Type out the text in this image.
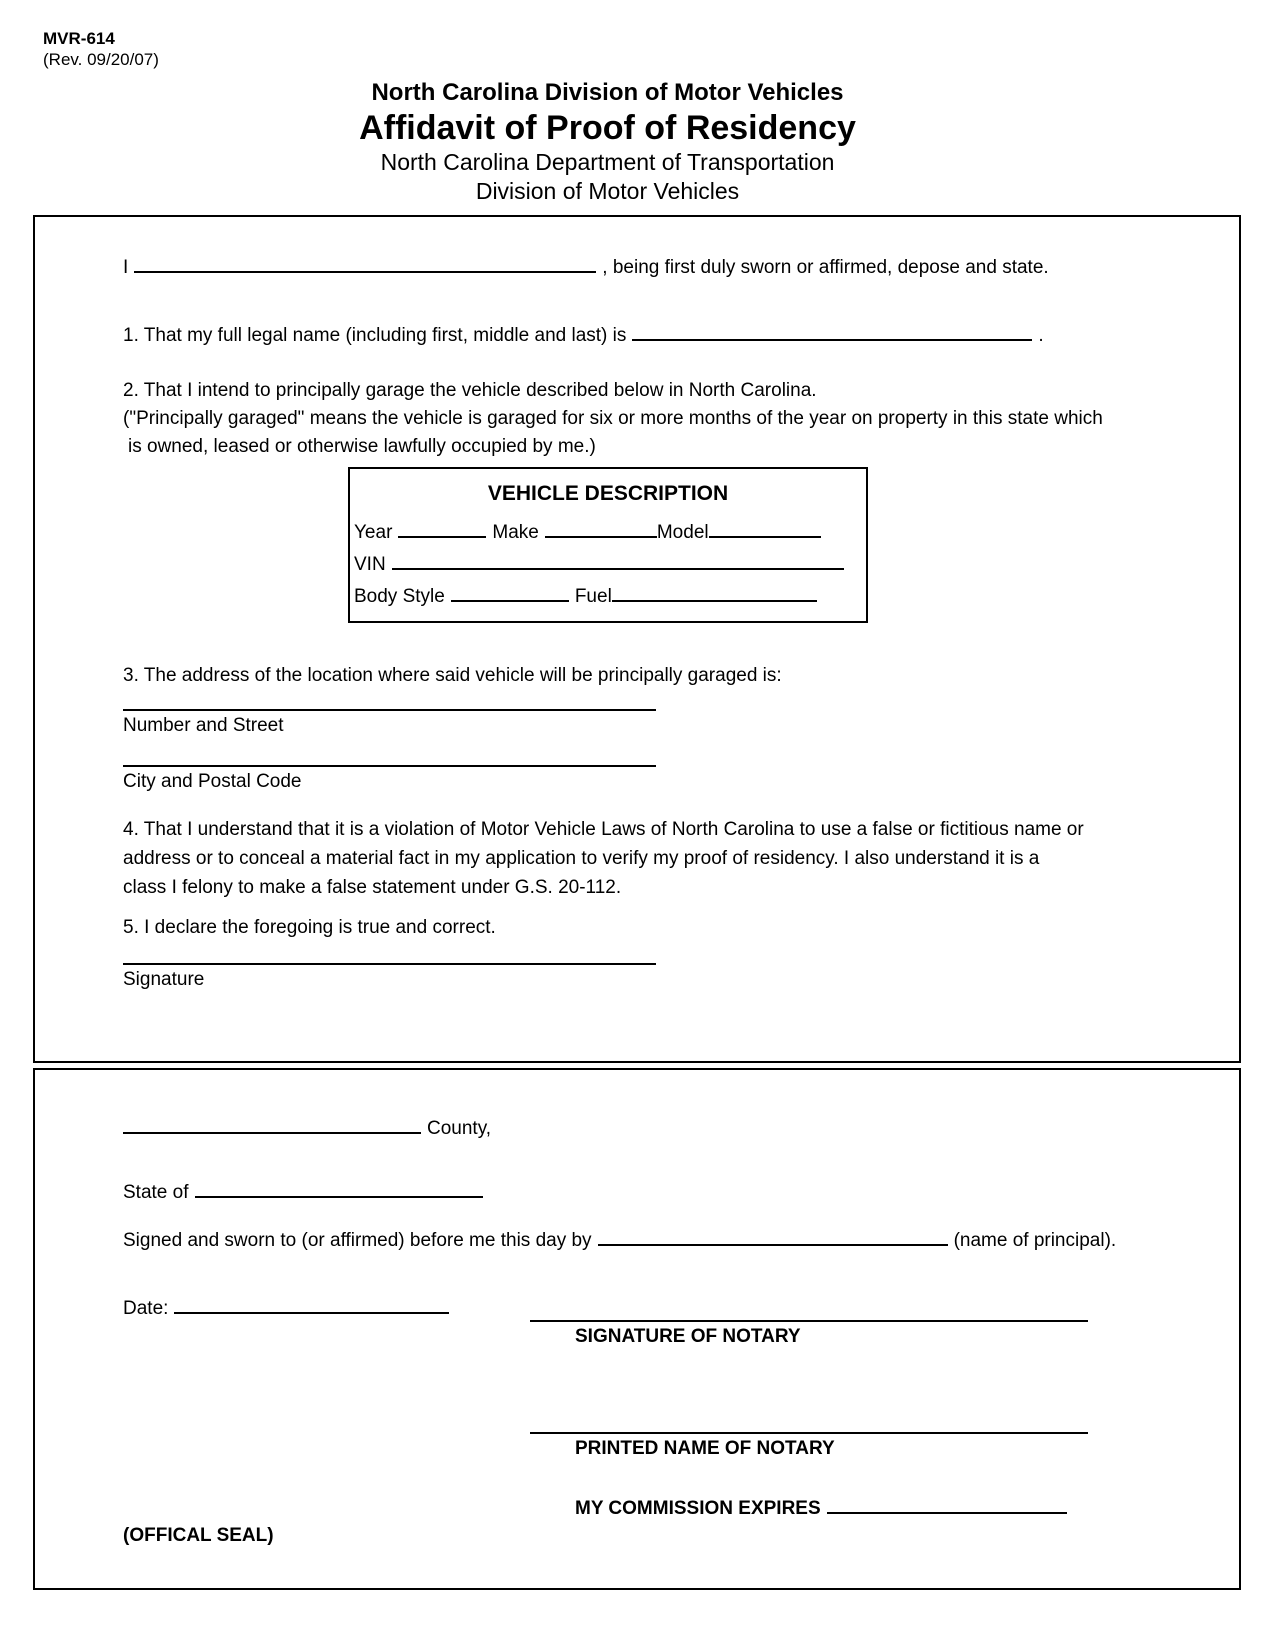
MVR-614
(Rev. 09/20/07)
North Carolina Division of Motor Vehicles
Affidavit of Proof of Residency
North Carolina Department of Transportation
Division of Motor Vehicles
I	, being first duly sworn or affirmed, depose and state.
1. That my full legal name (including first, middle and last) is	.
2. That I intend to principally garage the vehicle described below in North Carolina.
("Principally garaged" means the vehicle is garaged for six or more months of the year on property in this state which
is owned, leased or otherwise lawfully occupied by me.)
VEHICLE DESCRIPTION
Year	Make	Model
VIN
Body Style	Fuel
3. The address of the location where said vehicle will be principally garaged is:
Number and Street
City and Postal Code
4. That I understand that it is a violation of Motor Vehicle Laws of North Carolina to use a false or fictitious name or
address or to conceal a material fact in my application to verify my proof of residency. I also understand it is a
class I felony to make a false statement under G.S. 20-112.
5. I declare the foregoing is true and correct.
Signature
County,
State of
Signed and sworn to (or affirmed) before me this day by	(name of principal).
Date:
SIGNATURE OF NOTARY
PRINTED NAME OF NOTARY
MY COMMISSION EXPIRES
(OFFICAL SEAL)
